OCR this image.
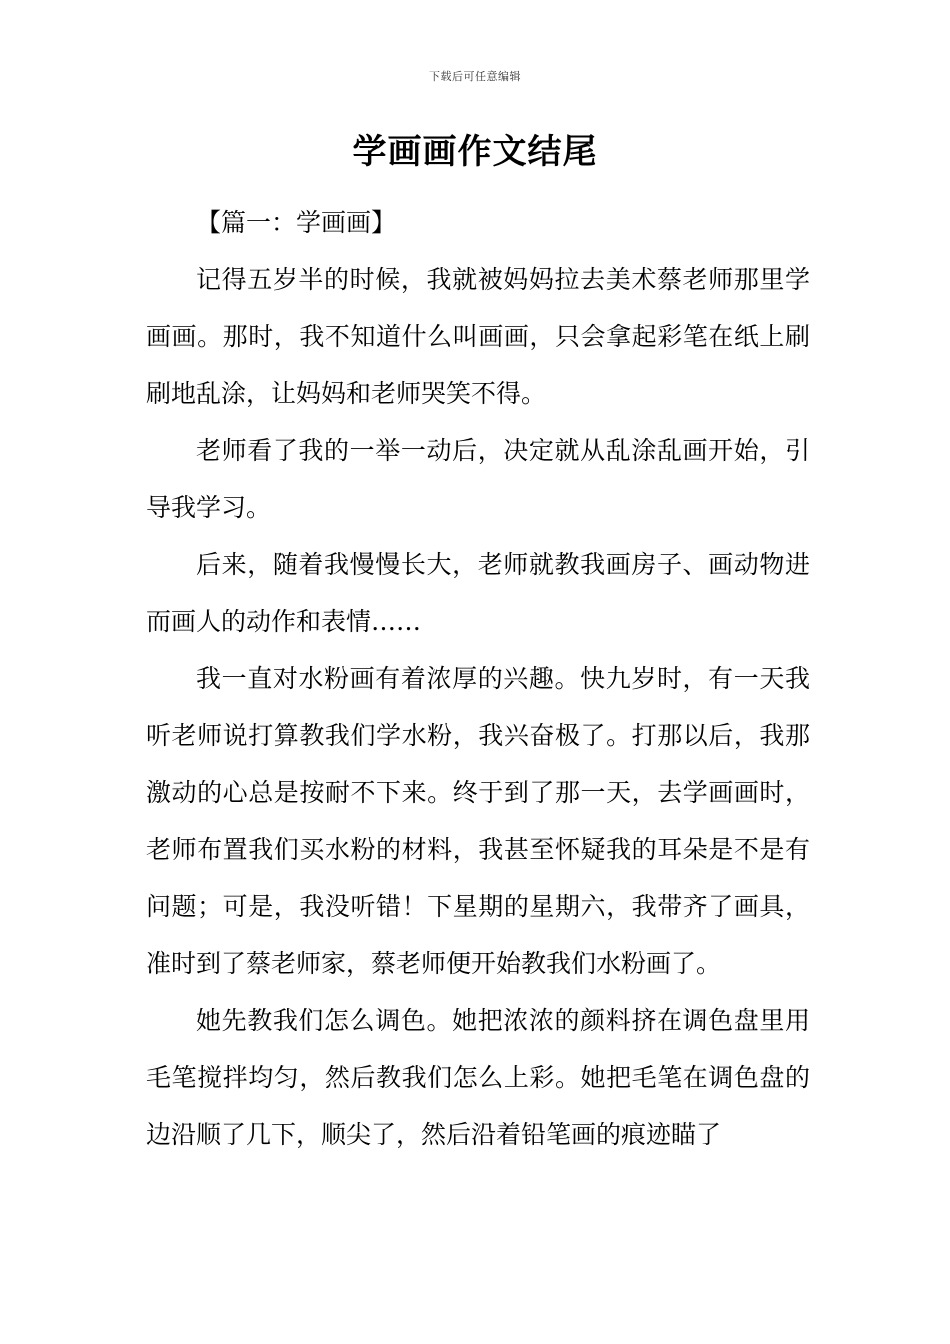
下载后可任意编辑
学画画作文结尾

【篇一：学画画】

记得五岁半的时候，我就被妈妈拉去美术蔡老师那里学画画。那时，我不知道什么叫画画，只会拿起彩笔在纸上刷刷地乱涂，让妈妈和老师哭笑不得。

老师看了我的一举一动后，决定就从乱涂乱画开始，引导我学习。

后来，随着我慢慢长大，老师就教我画房子、画动物进而画人的动作和表情……

我一直对水粉画有着浓厚的兴趣。快九岁时，有一天我听老师说打算教我们学水粉，我兴奋极了。打那以后，我那激动的心总是按耐不下来。终于到了那一天，去学画画时，老师布置我们买水粉的材料，我甚至怀疑我的耳朵是不是有问题；可是，我没听错！下星期的星期六，我带齐了画具，准时到了蔡老师家，蔡老师便开始教我们水粉画了。

她先教我们怎么调色。她把浓浓的颜料挤在调色盘里用毛笔搅拌均匀，然后教我们怎么上彩。她把毛笔在调色盘的边沿顺了几下，顺尖了，然后沿着铅笔画的痕迹瞄了
